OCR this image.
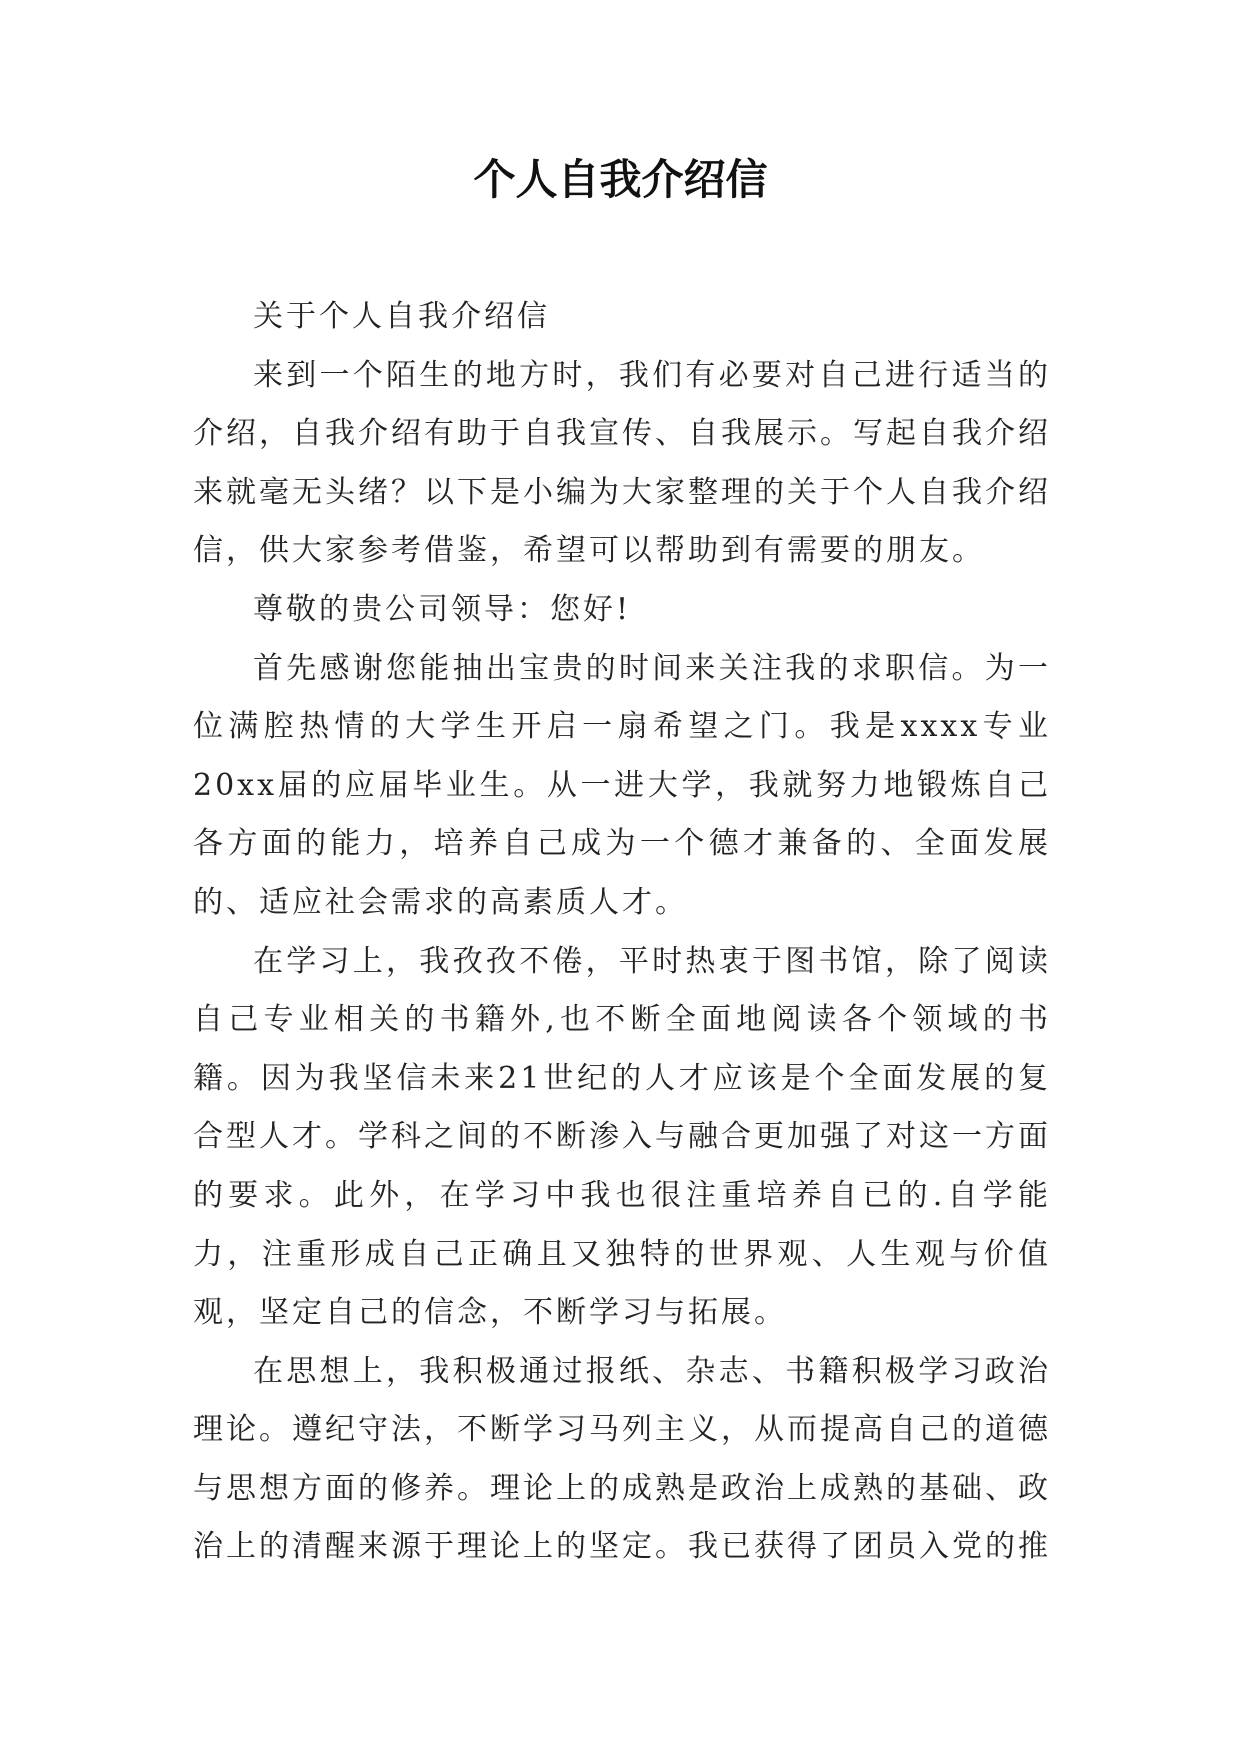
个人自我介绍信

关于个人自我介绍信

来到一个陌生的地方时，我们有必要对自己进行适当的介绍，自我介绍有助于自我宣传、自我展示。写起自我介绍来就毫无头绪？以下是小编为大家整理的关于个人自我介绍信，供大家参考借鉴，希望可以帮助到有需要的朋友。

尊敬的贵公司领导：您好!

首先感谢您能抽出宝贵的时间来关注我的求职信。为一位满腔热情的大学生开启一扇希望之门。我是xxxx专业20xx届的应届毕业生。从一进大学，我就努力地锻炼自己各方面的能力，培养自己成为一个德才兼备的、全面发展的、适应社会需求的高素质人才。

在学习上，我孜孜不倦，平时热衷于图书馆，除了阅读自己专业相关的书籍外,也不断全面地阅读各个领域的书籍。因为我坚信未来21世纪的人才应该是个全面发展的复合型人才。学科之间的不断渗入与融合更加强了对这一方面的要求。此外，在学习中我也很注重培养自已的.自学能力，注重形成自己正确且又独特的世界观、人生观与价值观，坚定自己的信念，不断学习与拓展。

在思想上，我积极通过报纸、杂志、书籍积极学习政治理论。遵纪守法，不断学习马列主义，从而提高自己的道德与思想方面的修养。理论上的成熟是政治上成熟的基础、政治上的清醒来源于理论上的坚定。我已获得了团员入党的推
